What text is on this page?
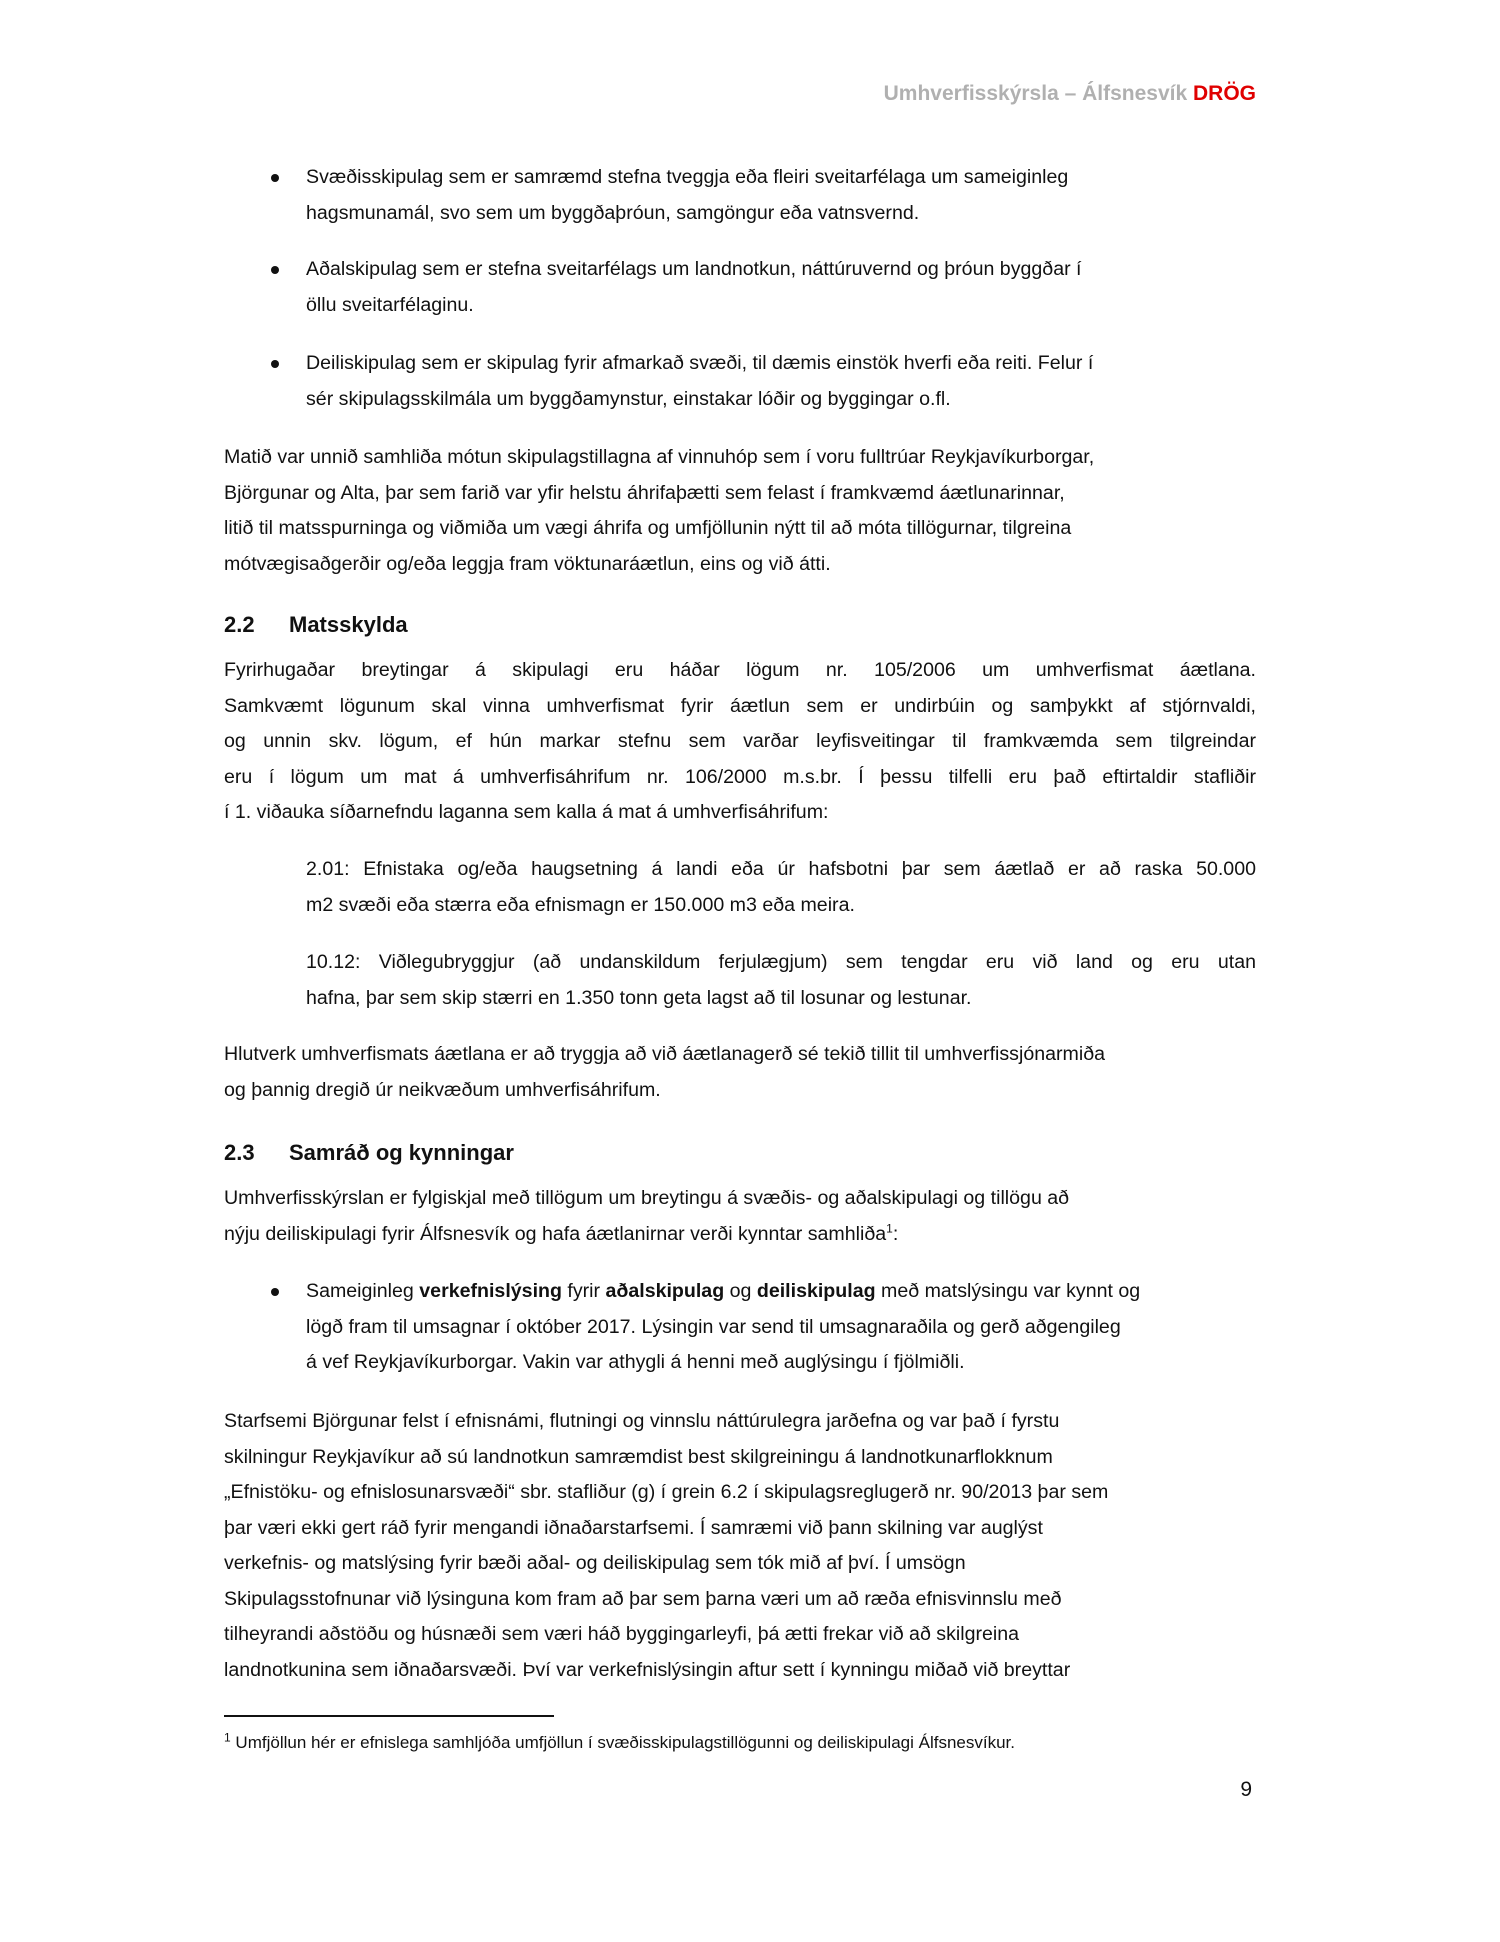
Umhverfisskýrsla – Álfsnesvík DRÖG
Svæðisskipulag sem er samræmd stefna tveggja eða fleiri sveitarfélaga um sameiginleg
hagsmunamál, svo sem um byggðaþróun, samgöngur eða vatnsvernd.
Aðalskipulag sem er stefna sveitarfélags um landnotkun, náttúruvernd og þróun byggðar í
öllu sveitarfélaginu.
Deiliskipulag sem er skipulag fyrir afmarkað svæði, til dæmis einstök hverfi eða reiti. Felur í
sér skipulagsskilmála um byggðamynstur, einstakar lóðir og byggingar o.fl.
Matið var unnið samhliða mótun skipulagstillagna af vinnuhóp sem í voru fulltrúar Reykjavíkurborgar,
Björgunar og Alta, þar sem farið var yfir helstu áhrifaþætti sem felast í framkvæmd áætlunarinnar,
litið til matsspurninga og viðmiða um vægi áhrifa og umfjöllunin nýtt til að móta tillögurnar, tilgreina
mótvægisaðgerðir og/eða leggja fram vöktunaráætlun, eins og við átti.
2.2 Matsskylda
Fyrirhugaðar breytingar á skipulagi eru háðar lögum nr. 105/2006 um umhverfismat áætlana.
Samkvæmt lögunum skal vinna umhverfismat fyrir áætlun sem er undirbúin og samþykkt af stjórnvaldi,
og unnin skv. lögum, ef hún markar stefnu sem varðar leyfisveitingar til framkvæmda sem tilgreindar
eru í lögum um mat á umhverfisáhrifum nr. 106/2000 m.s.br. Í þessu tilfelli eru það eftirtaldir stafliðir
í 1. viðauka síðarnefndu laganna sem kalla á mat á umhverfisáhrifum:
2.01: Efnistaka og/eða haugsetning á landi eða úr hafsbotni þar sem áætlað er að raska 50.000
m2 svæði eða stærra eða efnismagn er 150.000 m3 eða meira.
10.12: Viðlegubryggjur (að undanskildum ferjulægjum) sem tengdar eru við land og eru utan
hafna, þar sem skip stærri en 1.350 tonn geta lagst að til losunar og lestunar.
Hlutverk umhverfismats áætlana er að tryggja að við áætlanagerð sé tekið tillit til umhverfissjónarmiða
og þannig dregið úr neikvæðum umhverfisáhrifum.
2.3 Samráð og kynningar
Umhverfisskýrslan er fylgiskjal með tillögum um breytingu á svæðis- og aðalskipulagi og tillögu að
nýju deiliskipulagi fyrir Álfsnesvík og hafa áætlanirnar verði kynntar samhliða$^1$:
Sameiginleg verkefnislýsing fyrir aðalskipulag og deiliskipulag með matslýsingu var kynnt og
lögð fram til umsagnar í október 2017. Lýsingin var send til umsagnaraðila og gerð aðgengileg
á vef Reykjavíkurborgar. Vakin var athygli á henni með auglýsingu í fjölmiðli.
Starfsemi Björgunar felst í efnisnámi, flutningi og vinnslu náttúrulegra jarðefna og var það í fyrstu
skilningur Reykjavíkur að sú landnotkun samræmdist best skilgreiningu á landnotkunarflokknum
„Efnistöku- og efnislosunarsvæði“ sbr. stafliður (g) í grein 6.2 í skipulagsreglugerð nr. 90/2013 þar sem
þar væri ekki gert ráð fyrir mengandi iðnaðarstarfsemi. Í samræmi við þann skilning var auglýst
verkefnis- og matslýsing fyrir bæði aðal- og deiliskipulag sem tók mið af því. Í umsögn
Skipulagsstofnunar við lýsinguna kom fram að þar sem þarna væri um að ræða efnisvinnslu með
tilheyrandi aðstöðu og húsnæði sem væri háð byggingarleyfi, þá ætti frekar við að skilgreina
landnotkunina sem iðnaðarsvæði. Því var verkefnislýsingin aftur sett í kynningu miðað við breyttar
$^1$ Umfjöllun hér er efnislega samhljóða umfjöllun í svæðisskipulagstillögunni og deiliskipulagi Álfsnesvíkur.
9
